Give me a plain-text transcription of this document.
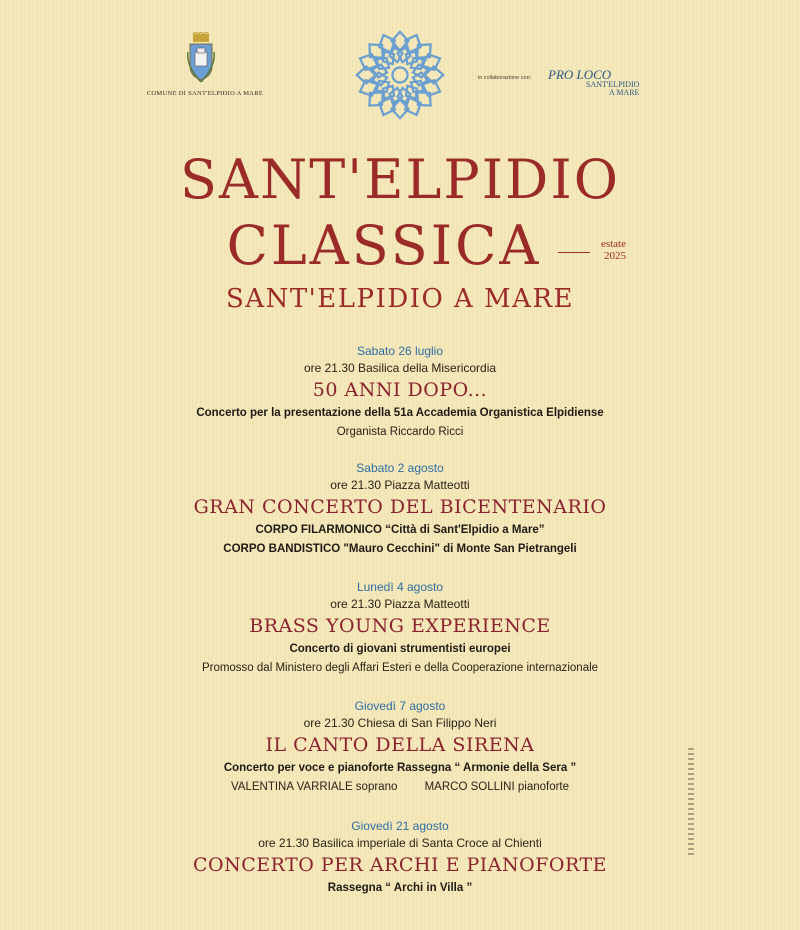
COMUNE DI SANT'ELPIDIO A MARE
in collaborazione con: PRO LOCO
SANT'ELPIDIO
A MARE
SANT'ELPIDIO
CLASSICA	estate
2025
SANT'ELPIDIO A MARE
Sabato 26 luglio
ore 21.30 Basilica della Misericordia
50 ANNI DOPO...
Concerto per la presentazione della 51a Accademia Organistica Elpidiense
Organista Riccardo Ricci
Sabato 2 agosto
ore 21.30 Piazza Matteotti
GRAN CONCERTO DEL BICENTENARIO
CORPO FILARMONICO “Città di Sant'Elpidio a Mare”
CORPO BANDISTICO "Mauro Cecchini" di Monte San Pietrangeli
Lunedì 4 agosto
ore 21.30 Piazza Matteotti
BRASS YOUNG EXPERIENCE
Concerto di giovani strumentisti europei
Promosso dal Ministero degli Affari Esteri e della Cooperazione internazionale
Giovedì 7 agosto
ore 21.30 Chiesa di San Filippo Neri
IL CANTO DELLA SIRENA
Concerto per voce e pianoforte Rassegna “ Armonie della Sera ”
VALENTINA VARRIALE soprano MARCO SOLLINI pianoforte
Giovedì 21 agosto
ore 21.30 Basilica imperiale di Santa Croce al Chienti
CONCERTO PER ARCHI E PIANOFORTE
Rassegna “ Archi in Villa ”
